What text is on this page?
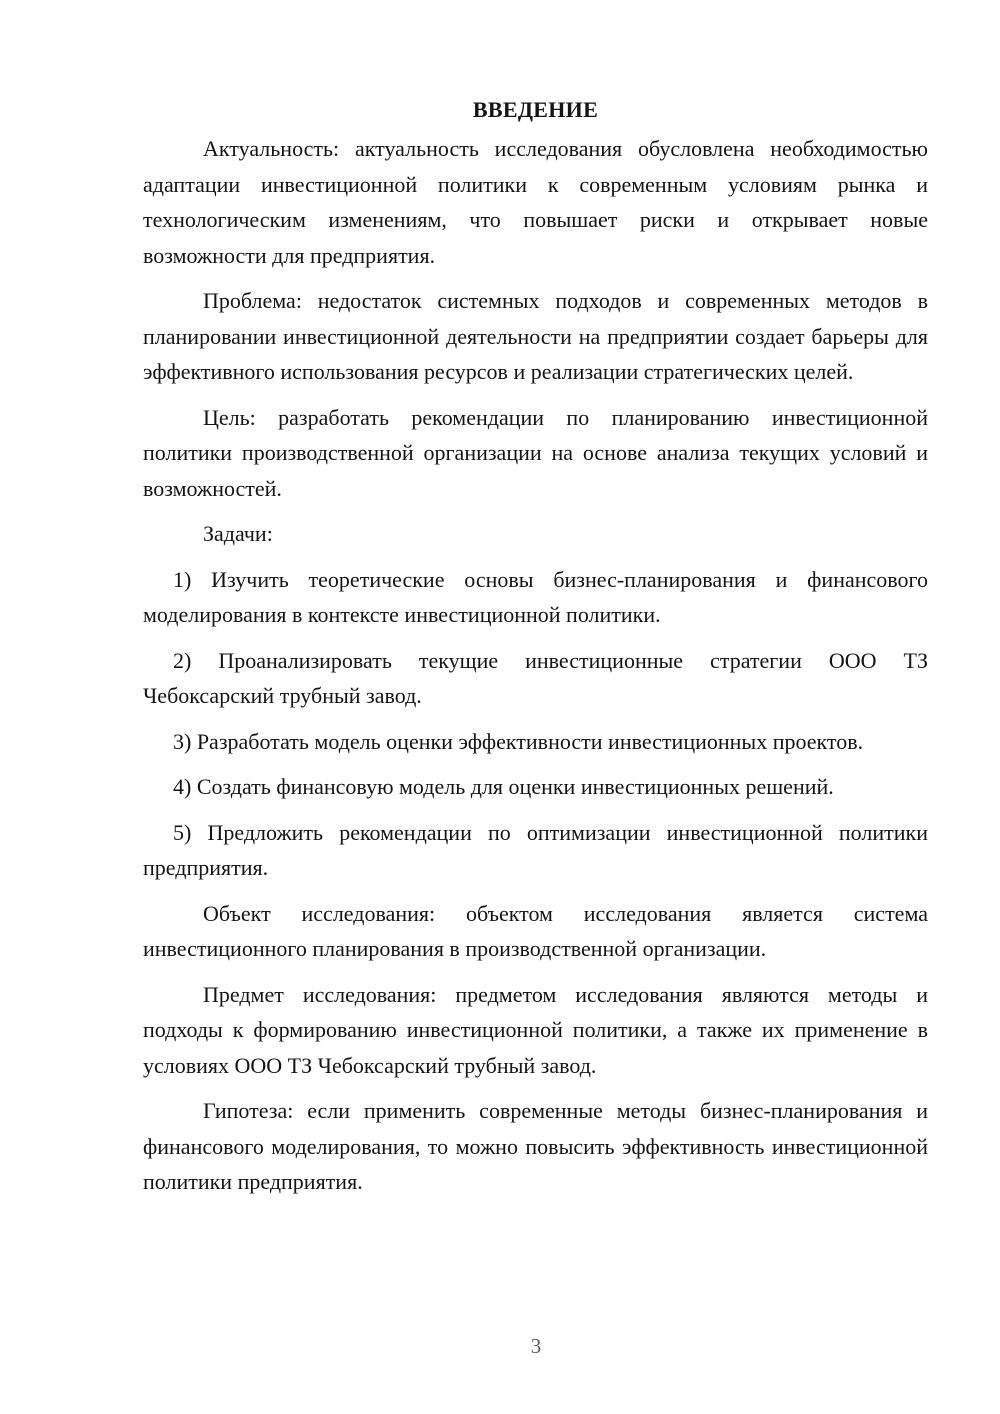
ВВЕДЕНИЕ

Актуальность: актуальность исследования обусловлена необходимостью адаптации инвестиционной политики к современным условиям рынка и технологическим изменениям, что повышает риски и открывает новые возможности для предприятия.

Проблема: недостаток системных подходов и современных методов в планировании инвестиционной деятельности на предприятии создает барьеры для эффективного использования ресурсов и реализации стратегических целей.

Цель: разработать рекомендации по планированию инвестиционной политики производственной организации на основе анализа текущих условий и возможностей.

Задачи:

1) Изучить теоретические основы бизнес-планирования и финансового моделирования в контексте инвестиционной политики.

2) Проанализировать текущие инвестиционные стратегии ООО ТЗ Чебоксарский трубный завод.

3) Разработать модель оценки эффективности инвестиционных проектов.

4) Создать финансовую модель для оценки инвестиционных решений.

5) Предложить рекомендации по оптимизации инвестиционной политики предприятия.

Объект исследования: объектом исследования является система инвестиционного планирования в производственной организации.

Предмет исследования: предметом исследования являются методы и подходы к формированию инвестиционной политики, а также их применение в условиях ООО ТЗ Чебоксарский трубный завод.

Гипотеза: если применить современные методы бизнес-планирования и финансового моделирования, то можно повысить эффективность инвестиционной политики предприятия.

3
